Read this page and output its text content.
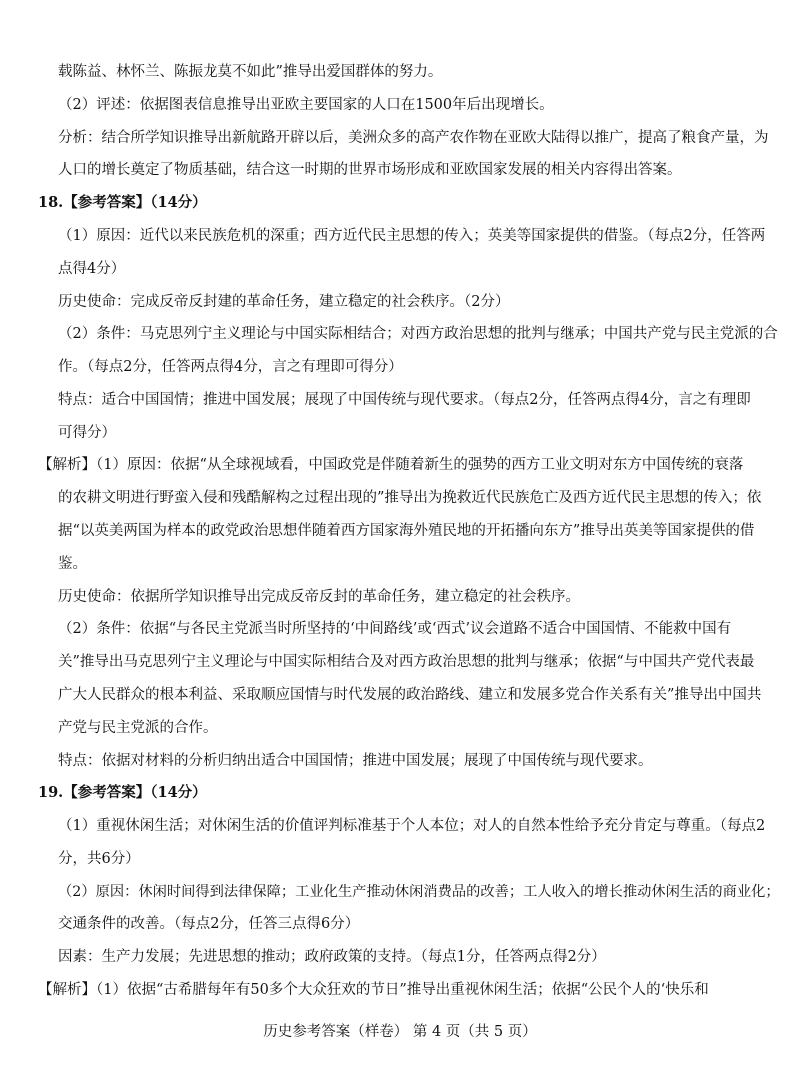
载陈益、林怀兰、陈振龙莫不如此”推导出爱国群体的努力。
（2）评述：依据图表信息推导出亚欧主要国家的人口在1500年后出现增长。
分析：结合所学知识推导出新航路开辟以后，美洲众多的高产农作物在亚欧大陆得以推广，提高了粮食产量，为
人口的增长奠定了物质基础，结合这一时期的世界市场形成和亚欧国家发展的相关内容得出答案。
18.【参考答案】（14分）
（1）原因：近代以来民族危机的深重；西方近代民主思想的传入；英美等国家提供的借鉴。（每点2分，任答两
点得4分）
历史使命：完成反帝反封建的革命任务，建立稳定的社会秩序。（2分）
（2）条件：马克思列宁主义理论与中国实际相结合；对西方政治思想的批判与继承；中国共产党与民主党派的合
作。（每点2分，任答两点得4分，言之有理即可得分）
特点：适合中国国情；推进中国发展；展现了中国传统与现代要求。（每点2分，任答两点得4分，言之有理即
可得分）
【解析】（1）原因：依据“从全球视域看，中国政党是伴随着新生的强势的西方工业文明对东方中国传统的衰落
的农耕文明进行野蛮入侵和残酷解构之过程出现的”推导出为挽救近代民族危亡及西方近代民主思想的传入；依
据“以英美两国为样本的政党政治思想伴随着西方国家海外殖民地的开拓播向东方”推导出英美等国家提供的借
鉴。
历史使命：依据所学知识推导出完成反帝反封的革命任务，建立稳定的社会秩序。
（2）条件：依据“与各民主党派当时所坚持的‘中间路线’或‘西式’议会道路不适合中国国情、不能救中国有
关”推导出马克思列宁主义理论与中国实际相结合及对西方政治思想的批判与继承；依据“与中国共产党代表最
广大人民群众的根本利益、采取顺应国情与时代发展的政治路线、建立和发展多党合作关系有关”推导出中国共
产党与民主党派的合作。
特点：依据对材料的分析归纳出适合中国国情；推进中国发展；展现了中国传统与现代要求。
19.【参考答案】（14分）
（1）重视休闲生活；对休闲生活的价值评判标准基于个人本位；对人的自然本性给予充分肯定与尊重。（每点2
分，共6分）
（2）原因：休闲时间得到法律保障；工业化生产推动休闲消费品的改善；工人收入的增长推动休闲生活的商业化；
交通条件的改善。（每点2分，任答三点得6分）
因素：生产力发展；先进思想的推动；政府政策的支持。（每点1分，任答两点得2分）
【解析】（1）依据“古希腊每年有50多个大众狂欢的节日”推导出重视休闲生活；依据“公民个人的‘快乐和
历史参考答案（样卷） 第 4 页（共 5 页）
